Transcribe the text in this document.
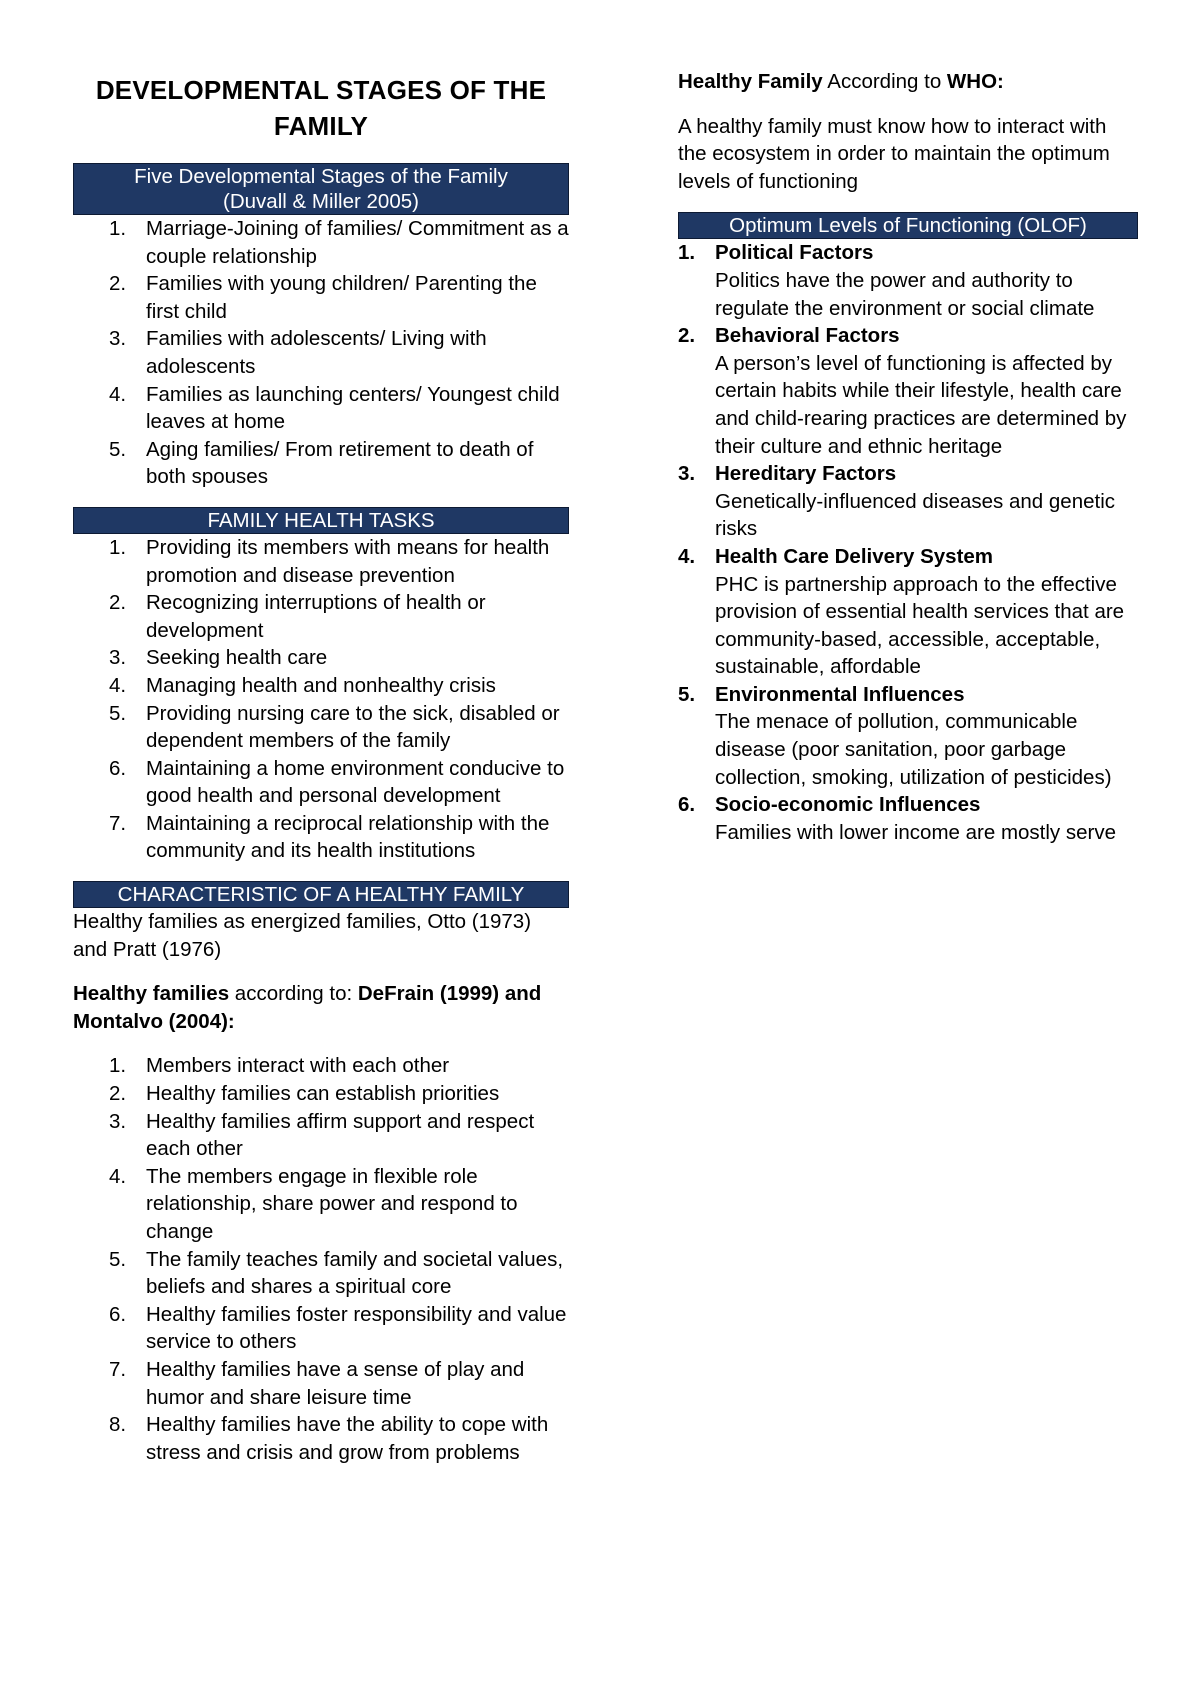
DEVELOPMENTAL STAGES OF THE FAMILY
Five Developmental Stages of the Family
(Duvall & Miller 2005)
1. Marriage-Joining of families/ Commitment as a couple relationship
2. Families with young children/ Parenting the first child
3. Families with adolescents/ Living with adolescents
4. Families as launching centers/ Youngest child leaves at home
5. Aging families/ From retirement to death of both spouses
FAMILY HEALTH TASKS
1. Providing its members with means for health promotion and disease prevention
2. Recognizing interruptions of health or development
3. Seeking health care
4. Managing health and nonhealthy crisis
5. Providing nursing care to the sick, disabled or dependent members of the family
6. Maintaining a home environment conducive to good health and personal development
7. Maintaining a reciprocal relationship with the community and its health institutions
CHARACTERISTIC OF A HEALTHY FAMILY

Healthy families as energized families, Otto (1973) and Pratt (1976)

Healthy families according to: DeFrain (1999) and Montalvo (2004):

1. Members interact with each other
2. Healthy families can establish priorities
3. Healthy families affirm support and respect each other
4. The members engage in flexible role relationship, share power and respond to change
5. The family teaches family and societal values, beliefs and shares a spiritual core
6. Healthy families foster responsibility and value service to others
7. Healthy families have a sense of play and humor and share leisure time
8. Healthy families have the ability to cope with stress and crisis and grow from problems

Healthy Family According to WHO:

A healthy family must know how to interact with the ecosystem in order to maintain the optimum levels of functioning

Optimum Levels of Functioning (OLOF)
1. Political Factors
Politics have the power and authority to regulate the environment or social climate
2. Behavioral Factors
A person’s level of functioning is affected by certain habits while their lifestyle, health care and child-rearing practices are determined by their culture and ethnic heritage
3. Hereditary Factors
Genetically-influenced diseases and genetic risks
4. Health Care Delivery System
PHC is partnership approach to the effective provision of essential health services that are community-based, accessible, acceptable, sustainable, affordable
5. Environmental Influences
The menace of pollution, communicable disease (poor sanitation, poor garbage collection, smoking, utilization of pesticides)
6. Socio-economic Influences
Families with lower income are mostly serve
